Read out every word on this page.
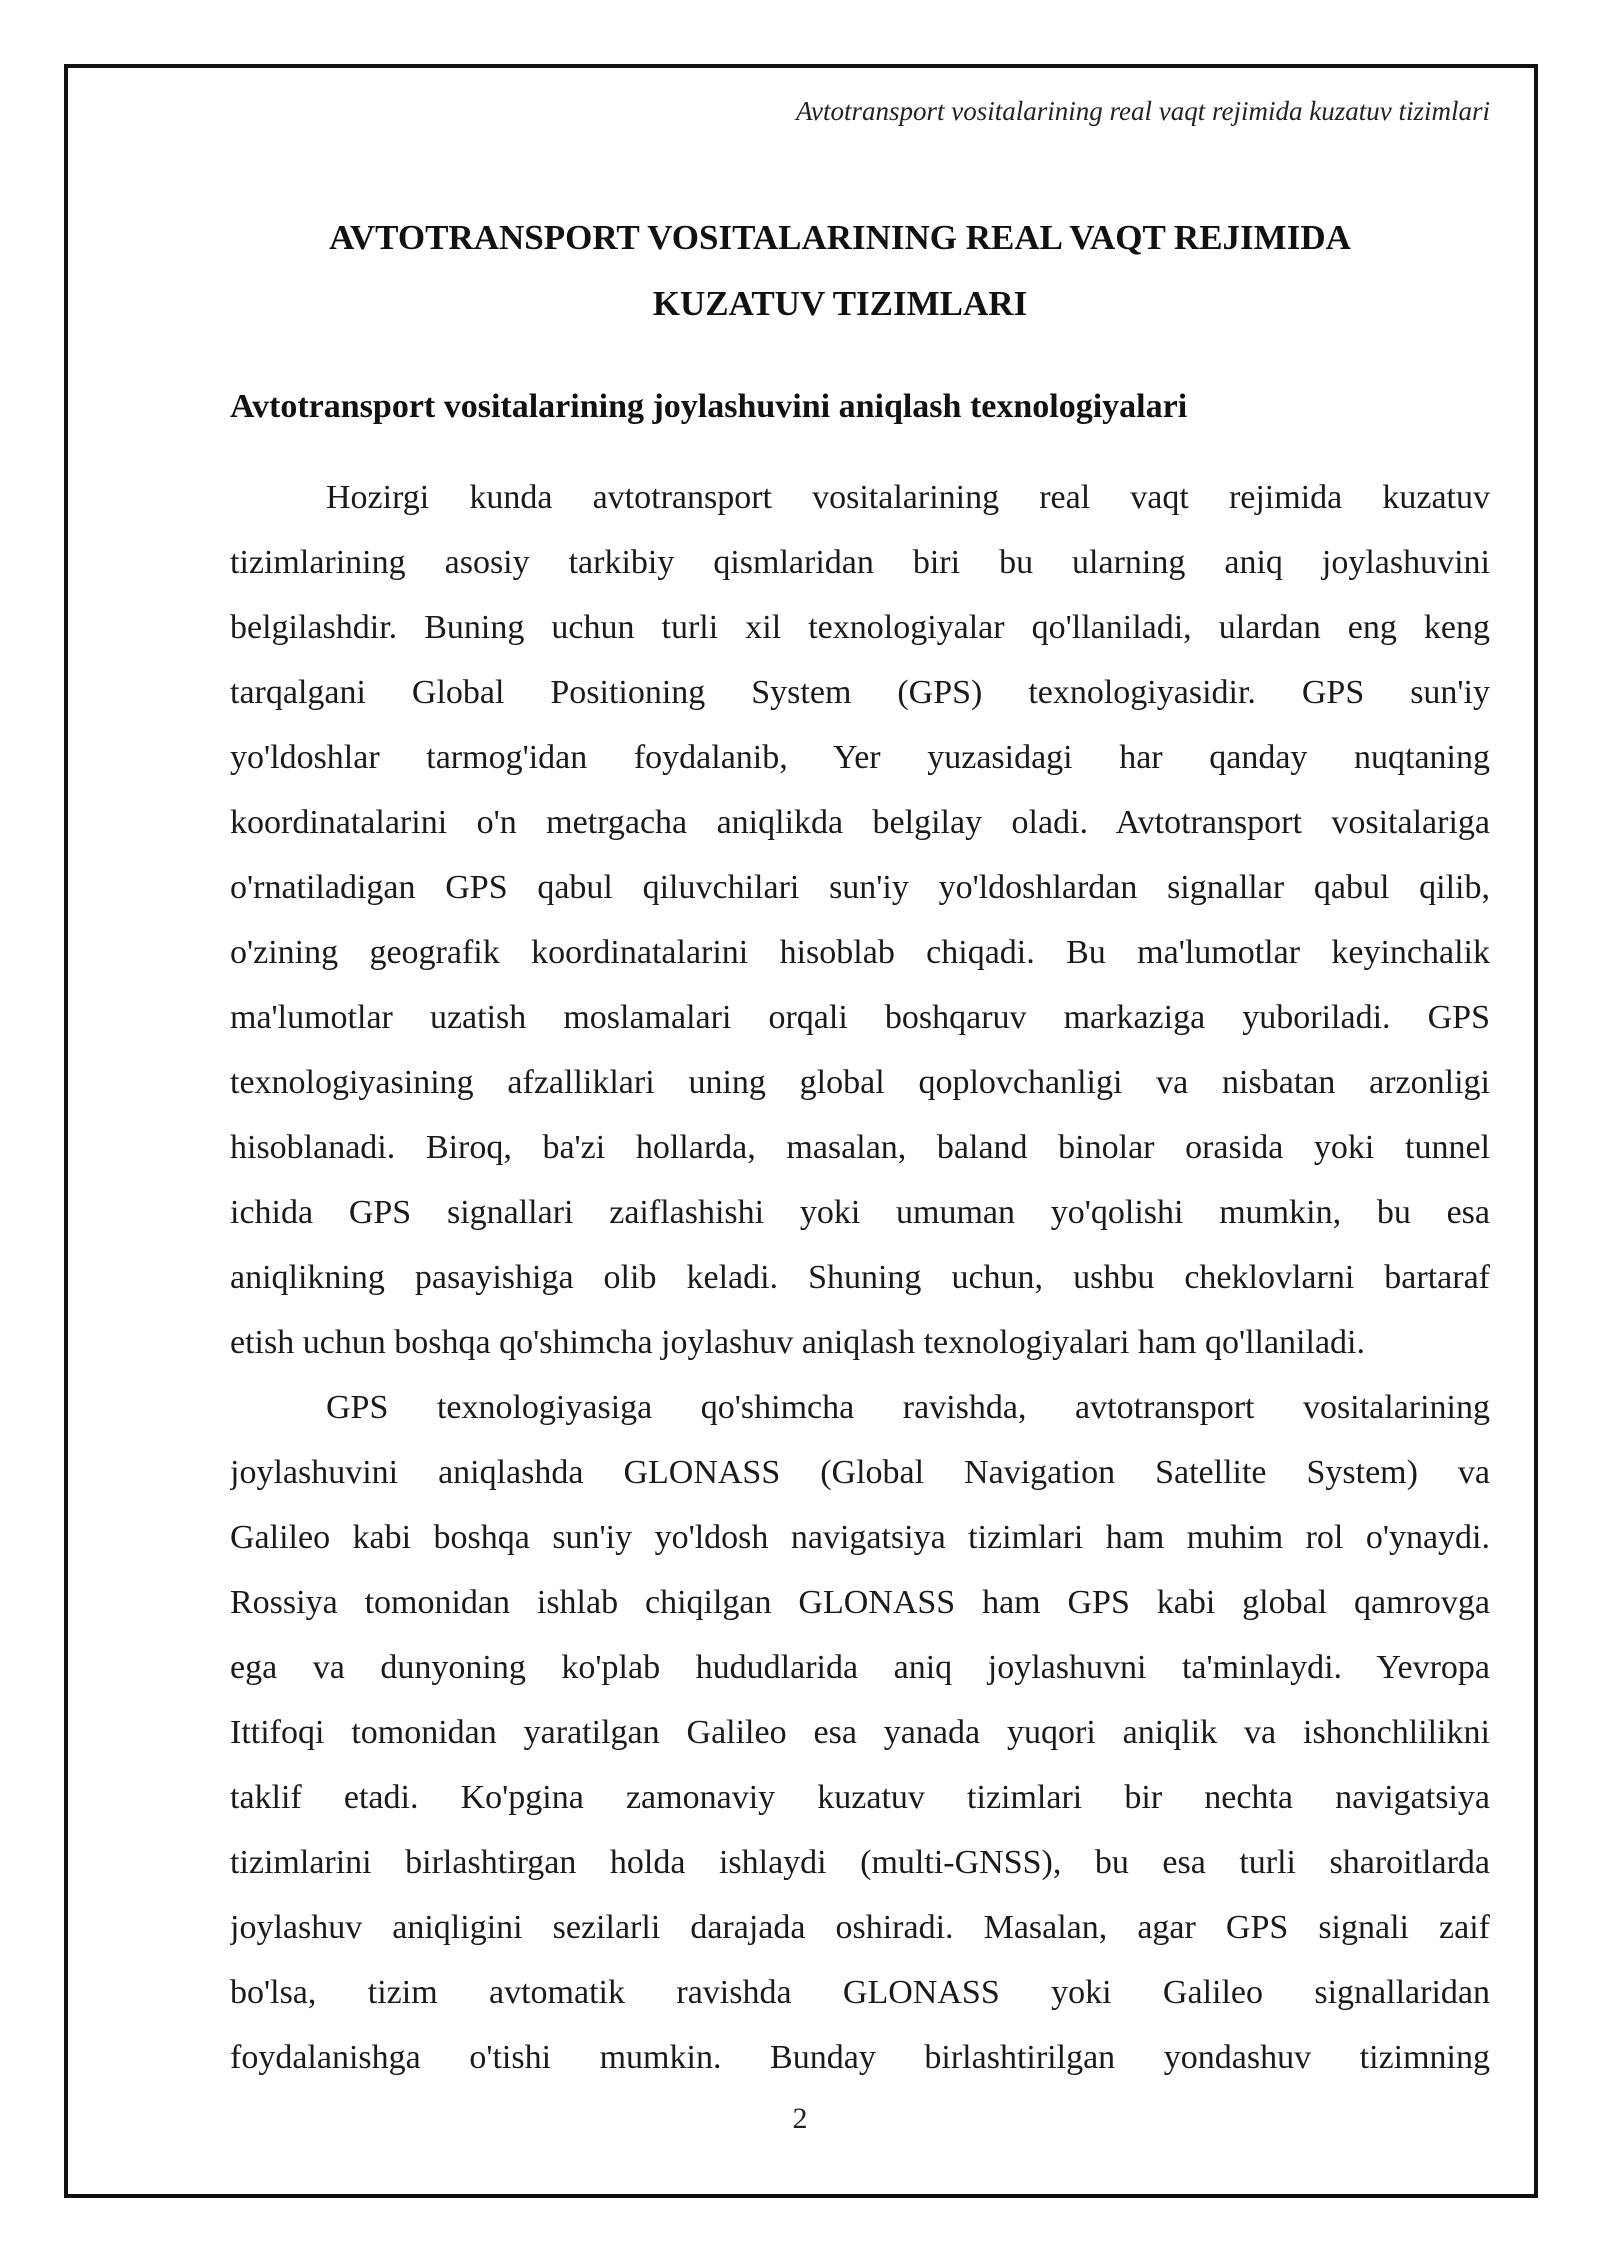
Avtotransport vositalarining real vaqt rejimida kuzatuv tizimlari
AVTOTRANSPORT VOSITALARINING REAL VAQT REJIMIDA
KUZATUV TIZIMLARI
Avtotransport vositalarining joylashuvini aniqlash texnologiyalari
Hozirgi kunda avtotransport vositalarining real vaqt rejimida kuzatuv
tizimlarining asosiy tarkibiy qismlaridan biri bu ularning aniq joylashuvini
belgilashdir. Buning uchun turli xil texnologiyalar qo'llaniladi, ulardan eng keng
tarqalgani Global Positioning System (GPS) texnologiyasidir. GPS sun'iy
yo'ldoshlar tarmog'idan foydalanib, Yer yuzasidagi har qanday nuqtaning
koordinatalarini o'n metrgacha aniqlikda belgilay oladi. Avtotransport vositalariga
o'rnatiladigan GPS qabul qiluvchilari sun'iy yo'ldoshlardan signallar qabul qilib,
o'zining geografik koordinatalarini hisoblab chiqadi. Bu ma'lumotlar keyinchalik
ma'lumotlar uzatish moslamalari orqali boshqaruv markaziga yuboriladi. GPS
texnologiyasining afzalliklari uning global qoplovchanligi va nisbatan arzonligi
hisoblanadi. Biroq, ba'zi hollarda, masalan, baland binolar orasida yoki tunnel
ichida GPS signallari zaiflashishi yoki umuman yo'qolishi mumkin, bu esa
aniqlikning pasayishiga olib keladi. Shuning uchun, ushbu cheklovlarni bartaraf
etish uchun boshqa qo'shimcha joylashuv aniqlash texnologiyalari ham qo'llaniladi.
GPS texnologiyasiga qo'shimcha ravishda, avtotransport vositalarining
joylashuvini aniqlashda GLONASS (Global Navigation Satellite System) va
Galileo kabi boshqa sun'iy yo'ldosh navigatsiya tizimlari ham muhim rol o'ynaydi.
Rossiya tomonidan ishlab chiqilgan GLONASS ham GPS kabi global qamrovga
ega va dunyoning ko'plab hududlarida aniq joylashuvni ta'minlaydi. Yevropa
Ittifoqi tomonidan yaratilgan Galileo esa yanada yuqori aniqlik va ishonchlilikni
taklif etadi. Ko'pgina zamonaviy kuzatuv tizimlari bir nechta navigatsiya
tizimlarini birlashtirgan holda ishlaydi (multi-GNSS), bu esa turli sharoitlarda
joylashuv aniqligini sezilarli darajada oshiradi. Masalan, agar GPS signali zaif
bo'lsa, tizim avtomatik ravishda GLONASS yoki Galileo signallaridan
foydalanishga o'tishi mumkin. Bunday birlashtirilgan yondashuv tizimning
2
